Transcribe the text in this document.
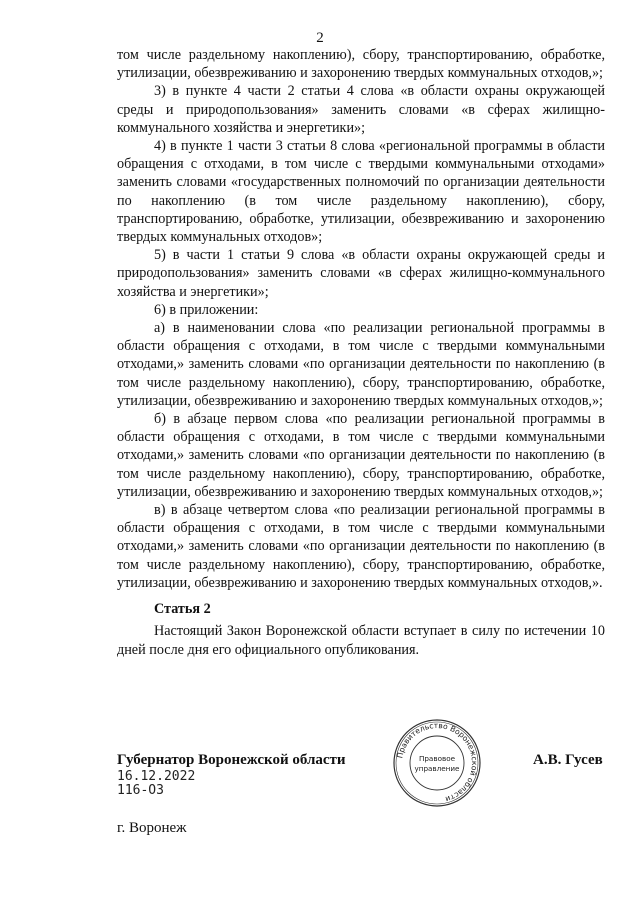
2

том числе раздельному накоплению), сбору, транспортированию, обработке, утилизации, обезвреживанию и захоронению твердых коммунальных отходов,»;

3) в пункте 4 части 2 статьи 4 слова «в области охраны окружающей среды и природопользования» заменить словами «в сферах жилищно-коммунального хозяйства и энергетики»;

4) в пункте 1 части 3 статьи 8 слова «региональной программы в области обращения с отходами, в том числе с твердыми коммунальными отходами» заменить словами «государственных полномочий по организации деятельности по накоплению (в том числе раздельному накоплению), сбору, транспортированию, обработке, утилизации, обезвреживанию и захоронению твердых коммунальных отходов»;

5) в части 1 статьи 9 слова «в области охраны окружающей среды и природопользования» заменить словами «в сферах жилищно-коммунального хозяйства и энергетики»;

6) в приложении:

а) в наименовании слова «по реализации региональной программы в области обращения с отходами, в том числе с твердыми коммунальными отходами,» заменить словами «по организации деятельности по накоплению (в том числе раздельному накоплению), сбору, транспортированию, обработке, утилизации, обезвреживанию и захоронению твердых коммунальных отходов,»;

б) в абзаце первом слова «по реализации региональной программы в области обращения с отходами, в том числе с твердыми коммунальными отходами,» заменить словами «по организации деятельности по накоплению (в том числе раздельному накоплению), сбору, транспортированию, обработке, утилизации, обезвреживанию и захоронению твердых коммунальных отходов,»;

в) в абзаце четвертом слова «по реализации региональной программы в области обращения с отходами, в том числе с твердыми коммунальными отходами,» заменить словами «по организации деятельности по накоплению (в том числе раздельному накоплению), сбору, транспортированию, обработке, утилизации, обезвреживанию и захоронению твердых коммунальных отходов,».

Статья 2

Настоящий Закон Воронежской области вступает в силу по истечении 10 дней после дня его официального опубликования.

Губернатор Воронежской области	А.В. Гусев
16.12.2022
116-ОЗ
г. Воронеж
Правительство Воронежской области
Правовое
управление
